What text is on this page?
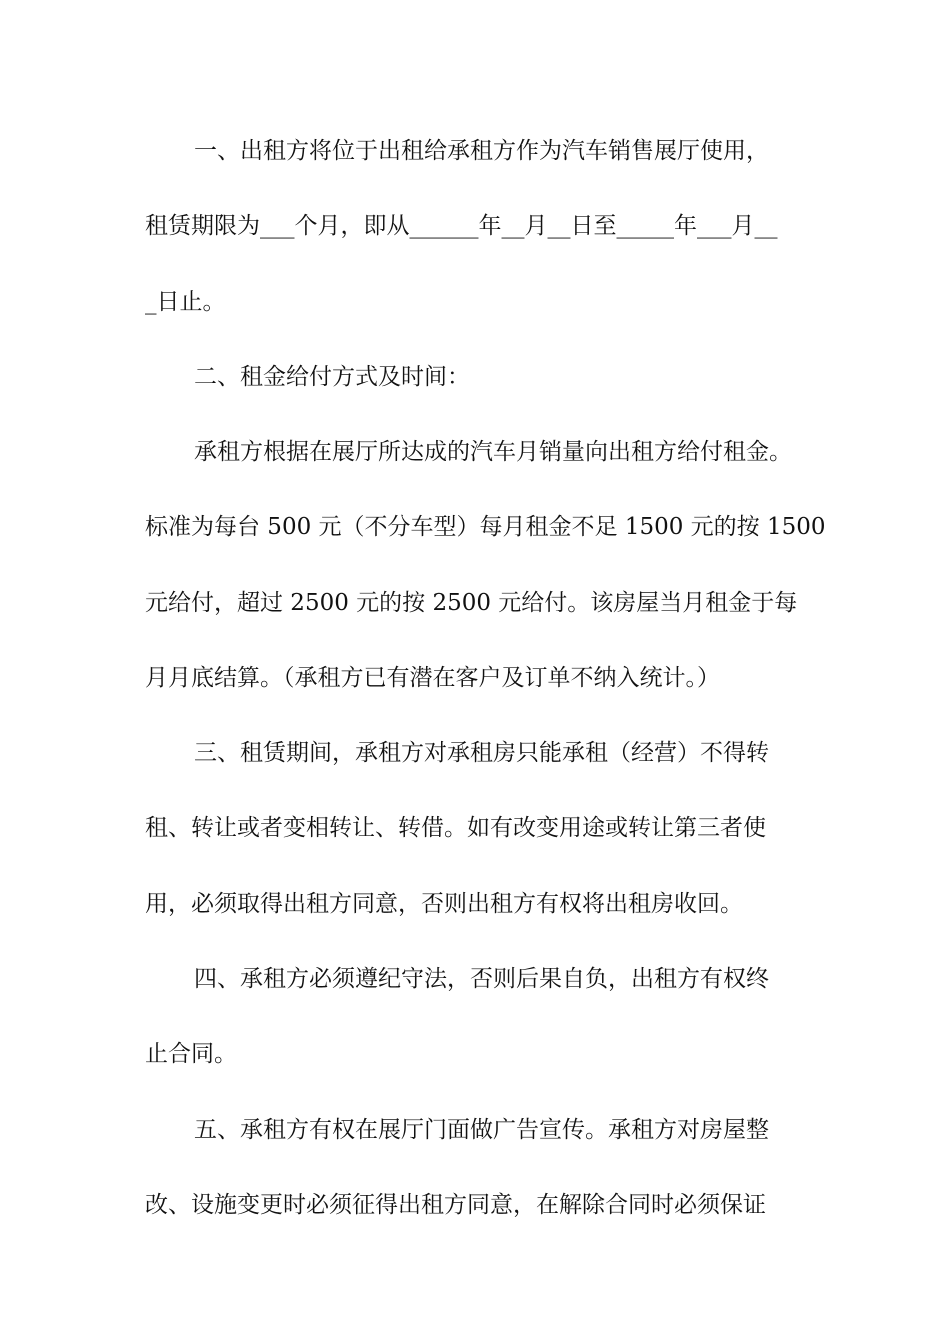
一、出租方将位于出租给承租方作为汽车销售展厅使用，
租赁期限为___个月，即从______年__月__日至_____年___月__
_日止。
二、租金给付方式及时间：
承租方根据在展厅所达成的汽车月销量向出租方给付租金。
标准为每台 500 元（不分车型）每月租金不足 1500 元的按 1500
元给付，超过 2500 元的按 2500 元给付。该房屋当月租金于每
月月底结算。（承租方已有潜在客户及订单不纳入统计。）
三、租赁期间，承租方对承租房只能承租（经营）不得转
租、转让或者变相转让、转借。如有改变用途或转让第三者使
用，必须取得出租方同意，否则出租方有权将出租房收回。
四、承租方必须遵纪守法，否则后果自负，出租方有权终
止合同。
五、承租方有权在展厅门面做广告宣传。承租方对房屋整
改、设施变更时必须征得出租方同意，在解除合同时必须保证
